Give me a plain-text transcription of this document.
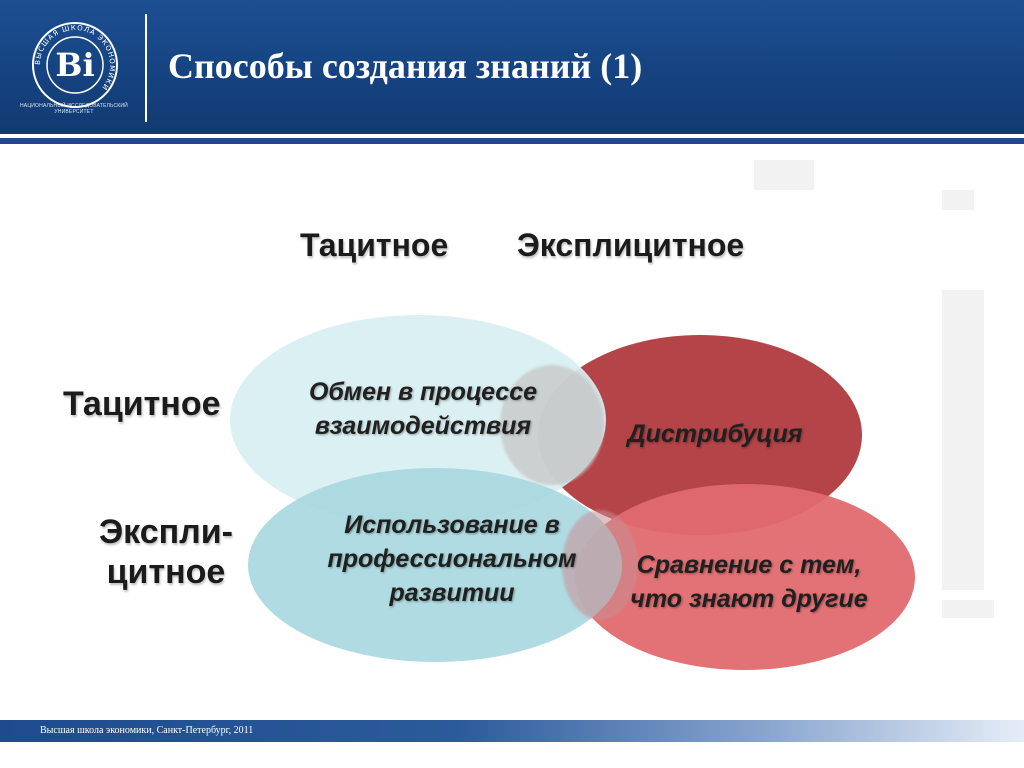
Ві
ВЫСШАЯ ШКОЛА ЭКОНОМИКИ
НАЦИОНАЛЬНЫЙ ИССЛЕДОВАТЕЛЬСКИЙ УНИВЕРСИТЕТ
Способы создания знаний (1)
Тацитное Эксплицитное
Тацитное
Экспли-
цитное
Обмен в процессе
взаимодействия	Дистрибуция
Использование в
профессиональном
развитии
Сравнение с тем,
что знают другие
Высшая школа экономики, Санкт-Петербург, 2011
